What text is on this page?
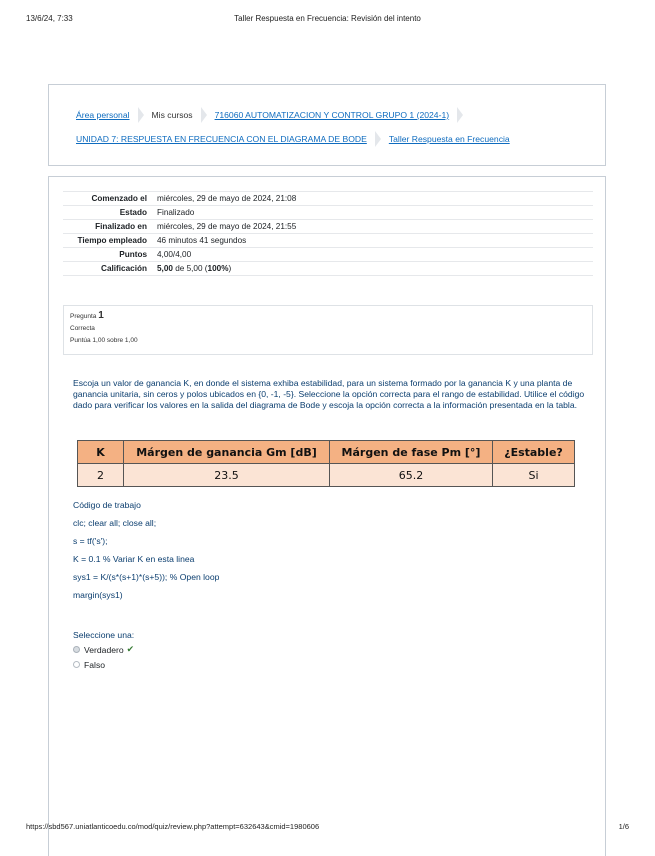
13/6/24, 7:33	Taller Respuesta en Frecuencia: Revisión del intento
Área personal	Mis cursos	716060 AUTOMATIZACION Y CONTROL GRUPO 1 (2024-1)
UNIDAD 7: RESPUESTA EN FRECUENCIA CON EL DIAGRAMA DE BODE	Taller Respuesta en Frecuencia
Comenzado el	miércoles, 29 de mayo de 2024, 21:08
Estado	Finalizado
Finalizado en	miércoles, 29 de mayo de 2024, 21:55
Tiempo empleado	46 minutos 41 segundos
Puntos	4,00/4,00
Calificación	5,00 de 5,00 (100%)
Pregunta 1
Correcta
Puntúa 1,00 sobre 1,00
Escoja un valor de ganancia K, en donde el sistema exhiba estabilidad, para un sistema formado por la ganancia K y una planta de ganancia unitaria, sin ceros y polos ubicados en {0, -1, -5}. Seleccione la opción correcta para el rango de estabilidad. Utilice el código dado para verificar los valores en la salida del diagrama de Bode y escoja la opción correcta a la información presentada en la tabla.
K	Márgen de ganancia Gm [dB]	Márgen de fase Pm [°]	¿Estable?
2	23.5	65.2	Si
Código de trabajo
clc; clear all; close all;
s = tf('s');
K = 0.1 % Variar K en esta linea
sys1 = K/(s*(s+1)*(s+5)); % Open loop
margin(sys1)
Seleccione una:
Verdadero ✔
Falso
https://sbd567.uniatlanticoedu.co/mod/quiz/review.php?attempt=632643&cmid=1980606	1/6
